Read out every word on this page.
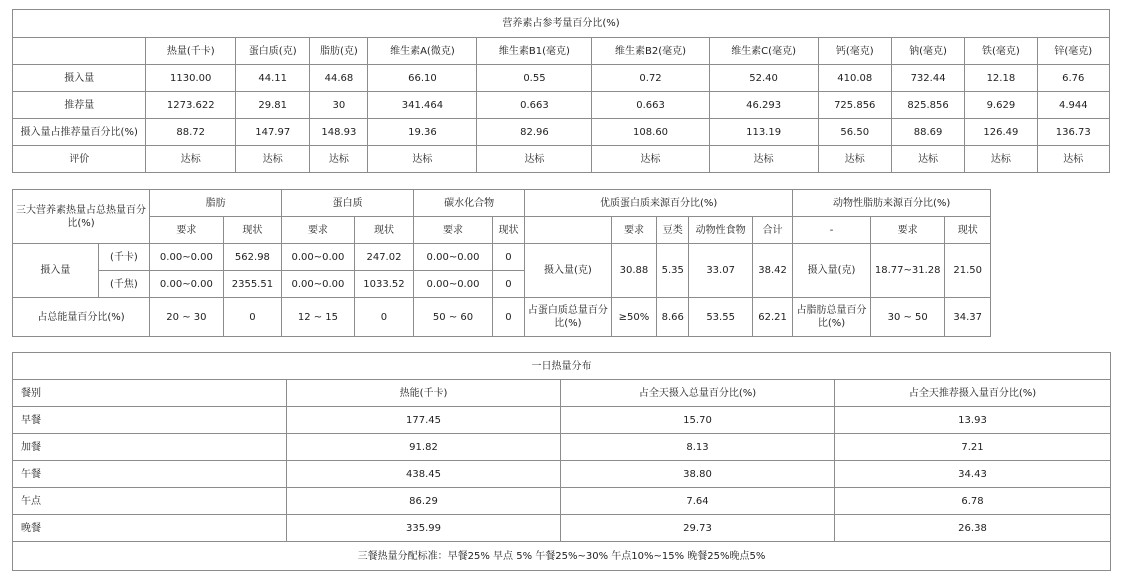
营养素占参考量百分比(%)											
	热量(千卡)	蛋白质(克)	脂肪(克)	维生素A(微克)	维生素B1(毫克)	维生素B2(毫克)	维生素C(毫克)	钙(毫克)	钠(毫克)	铁(毫克)	锌(毫克)
摄入量	1130.00	44.11	44.68	66.10	0.55	0.72	52.40	410.08	732.44	12.18	6.76
推荐量	1273.622	29.81	30	341.464	0.663	0.663	46.293	725.856	825.856	9.629	4.944
摄入量占推荐量百分比(%)	88.72	147.97	148.93	19.36	82.96	108.60	113.19	56.50	88.69	126.49	136.73
评价	达标	达标	达标	达标	达标	达标	达标	达标	达标	达标	达标
三大营养素热量占总热量百分比(%)		脂肪		蛋白质		碳水化合物		优质蛋白质来源百分比(%)					动物性脂肪来源百分比(%)		
		要求	现状	要求	现状	要求	现状		要求	豆类	动物性食物	合计	-	要求	现状
摄入量	(千卡)	0.00~0.00	562.98	0.00~0.00	247.02	0.00~0.00	0	摄入量(克)	30.88	5.35	33.07	38.42	摄入量(克)	18.77~31.28	21.50
	(千焦)	0.00~0.00	2355.51	0.00~0.00	1033.52	0.00~0.00	0								
占总能量百分比(%)		20 ~ 30	0	12 ~ 15	0	50 ~ 60	0	占蛋白质总量百分比(%)	≥50%	8.66	53.55	62.21	占脂肪总量百分比(%)	30 ~ 50	34.37
一日热量分布			
餐别	热能(千卡)	占全天摄入总量百分比(%)	占全天推荐摄入量百分比(%)
早餐	177.45	15.70	13.93
加餐	91.82	8.13	7.21
午餐	438.45	38.80	34.43
午点	86.29	7.64	6.78
晚餐	335.99	29.73	26.38
三餐热量分配标准：早餐25% 早点 5% 午餐25%~30% 午点10%~15% 晚餐25%晚点5%			
